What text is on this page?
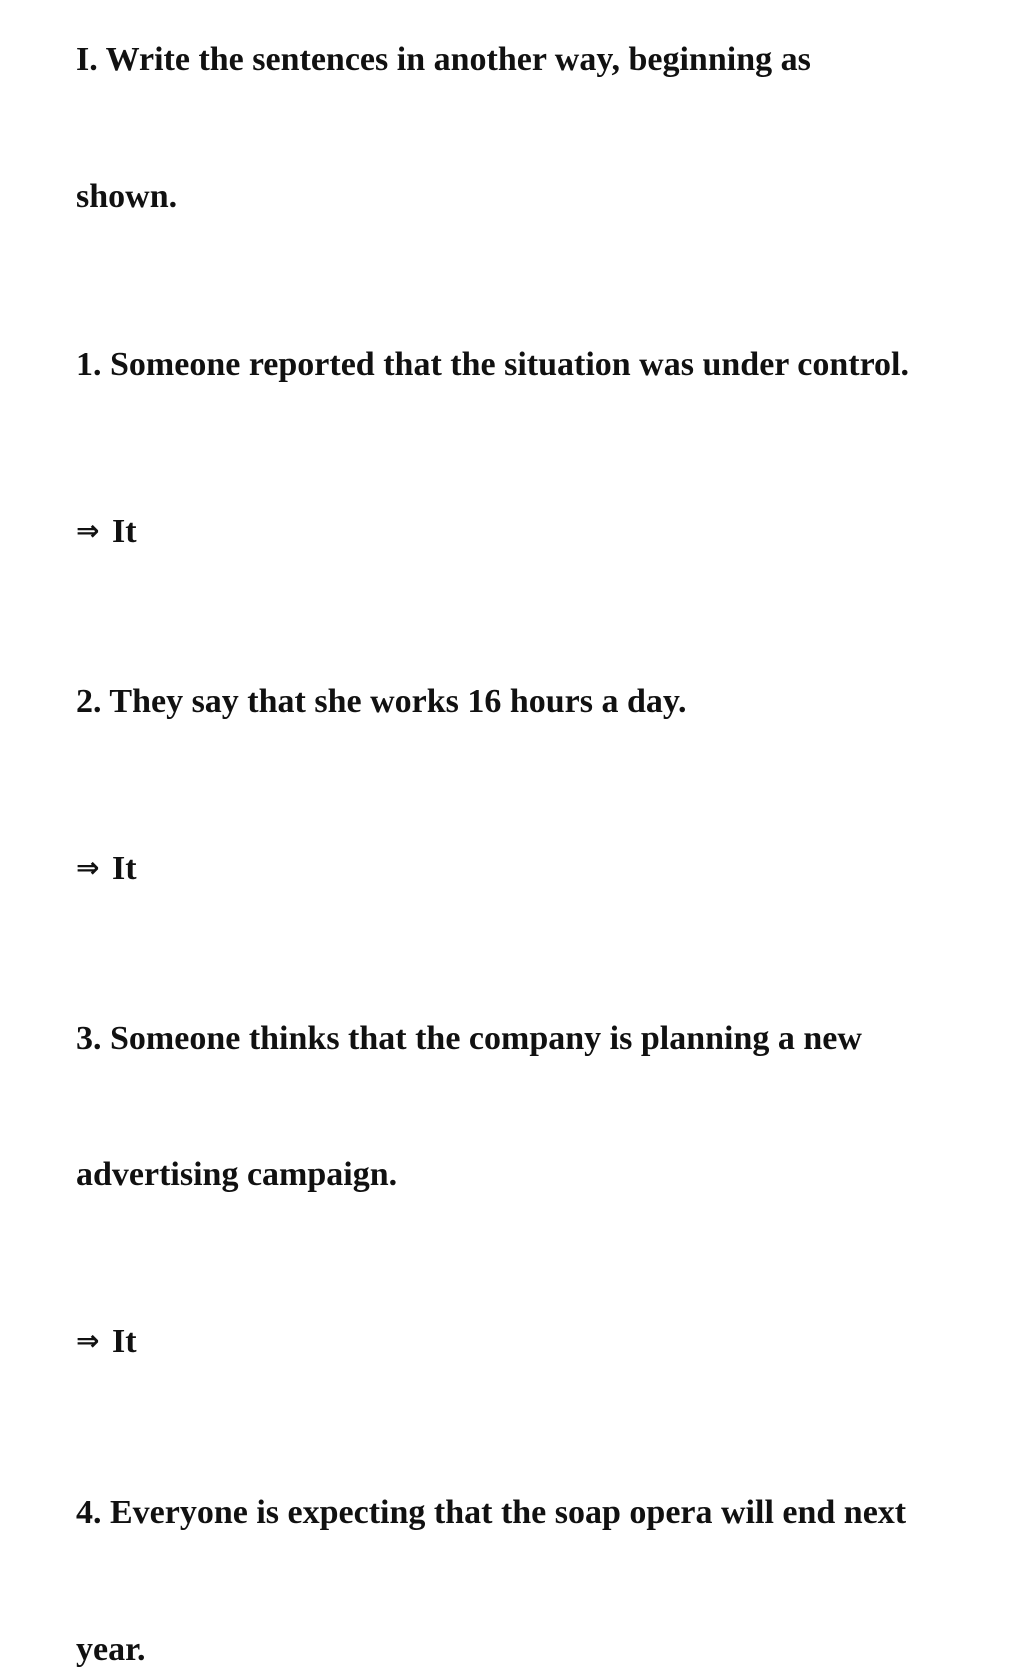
I. Write the sentences in another way, beginning as
shown.
1. Someone reported that the situation was under control.
⇒ It
2. They say that she works 16 hours a day.
⇒ It
3. Someone thinks that the company is planning a new
advertising campaign.
⇒ It
4. Everyone is expecting that the soap opera will end next
year.
